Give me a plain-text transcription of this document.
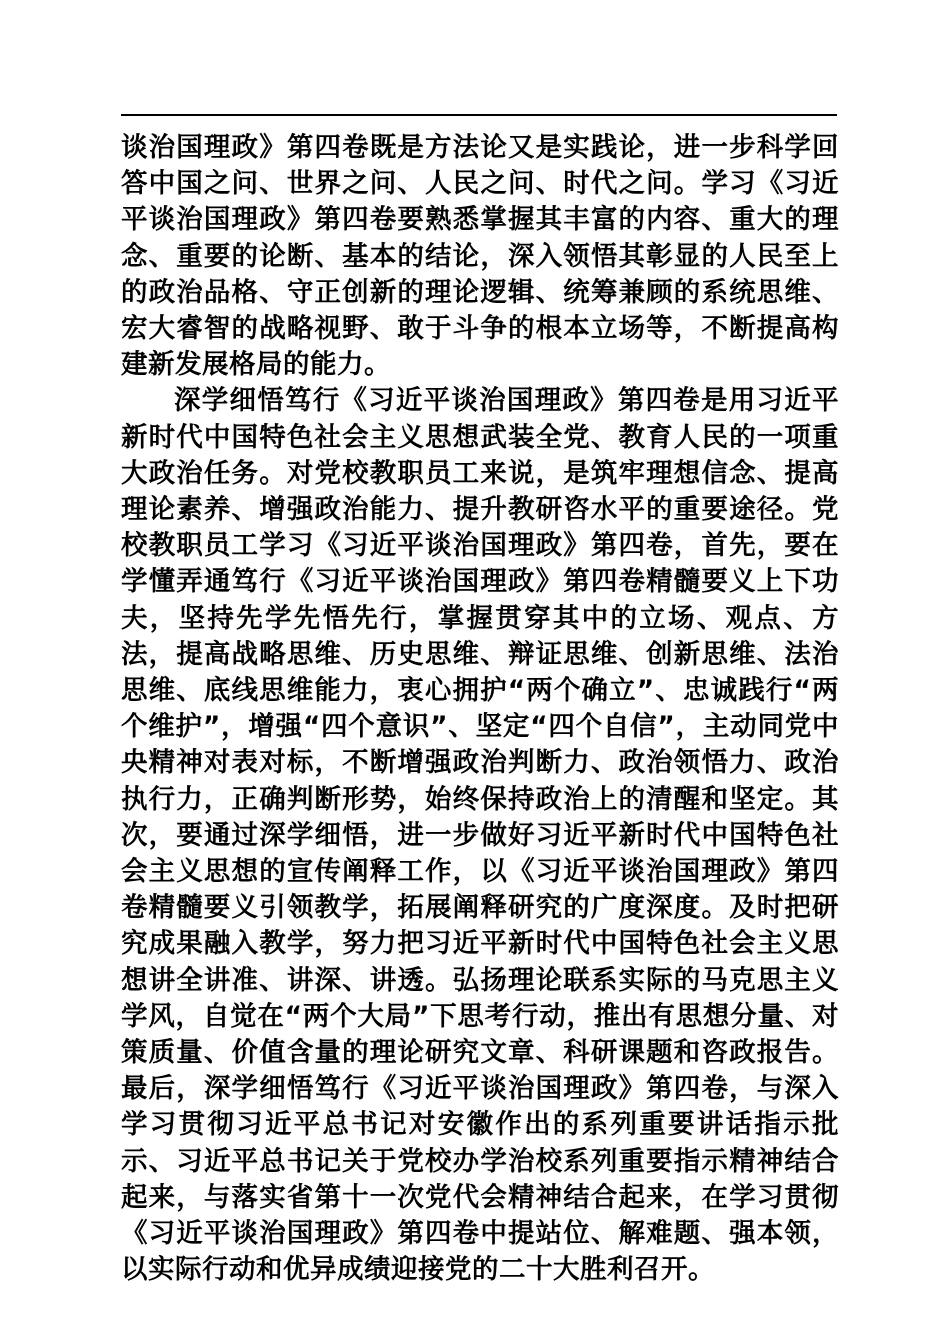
谈治国理政》第四卷既是方法论又是实践论，进一步科学回答中国之问、世界之问、人民之问、时代之问。学习《习近平谈治国理政》第四卷要熟悉掌握其丰富的内容、重大的理念、重要的论断、基本的结论，深入领悟其彰显的人民至上的政治品格、守正创新的理论逻辑、统筹兼顾的系统思维、宏大睿智的战略视野、敢于斗争的根本立场等，不断提高构建新发展格局的能力。

深学细悟笃行《习近平谈治国理政》第四卷是用习近平新时代中国特色社会主义思想武装全党、教育人民的一项重大政治任务。对党校教职员工来说，是筑牢理想信念、提高理论素养、增强政治能力、提升教研咨水平的重要途径。党校教职员工学习《习近平谈治国理政》第四卷，首先，要在学懂弄通笃行《习近平谈治国理政》第四卷精髓要义上下功夫，坚持先学先悟先行，掌握贯穿其中的立场、观点、方法，提高战略思维、历史思维、辩证思维、创新思维、法治思维、底线思维能力，衷心拥护“两个确立”、忠诚践行“两个维护”，增强“四个意识”、坚定“四个自信”，主动同党中央精神对表对标，不断增强政治判断力、政治领悟力、政治执行力，正确判断形势，始终保持政治上的清醒和坚定。其次，要通过深学细悟，进一步做好习近平新时代中国特色社会主义思想的宣传阐释工作，以《习近平谈治国理政》第四卷精髓要义引领教学，拓展阐释研究的广度深度。及时把研究成果融入教学，努力把习近平新时代中国特色社会主义思想讲全讲准、讲深、讲透。弘扬理论联系实际的马克思主义学风，自觉在“两个大局”下思考行动，推出有思想分量、对策质量、价值含量的理论研究文章、科研课题和咨政报告。最后，深学细悟笃行《习近平谈治国理政》第四卷，与深入学习贯彻习近平总书记对安徽作出的系列重要讲话指示批示、习近平总书记关于党校办学治校系列重要指示精神结合起来，与落实省第十一次党代会精神结合起来，在学习贯彻《习近平谈治国理政》第四卷中提站位、解难题、强本领，以实际行动和优异成绩迎接党的二十大胜利召开。
